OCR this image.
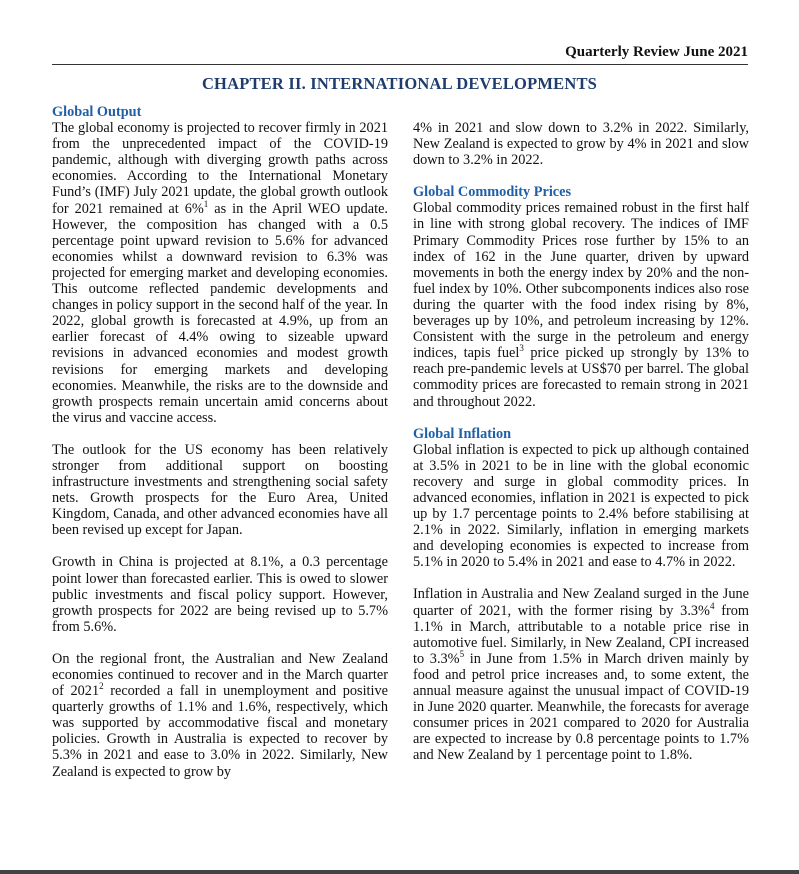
Quarterly Review June 2021
CHAPTER II. INTERNATIONAL DEVELOPMENTS
Global Output

The global economy is projected to recover firmly in 2021 from the unprecedented impact of the COVID-19 pandemic, although with diverging growth paths across economies. According to the International Monetary Fund’s (IMF) July 2021 update, the global growth outlook for 2021 remained at 6%$^1$ as in the April WEO update. However, the composition has changed with a 0.5 percentage point upward revision to 5.6% for advanced economies whilst a downward revision to 6.3% was projected for emerging market and developing economies. This outcome reflected pandemic developments and changes in policy support in the second half of the year. In 2022, global growth is forecasted at 4.9%, up from an earlier forecast of 4.4% owing to sizeable upward revisions in advanced economies and modest growth revisions for emerging markets and developing economies. Meanwhile, the risks are to the downside and growth prospects remain uncertain amid concerns about the virus and vaccine access.

The outlook for the US economy has been relatively stronger from additional support on boosting infrastructure investments and strengthening social safety nets. Growth prospects for the Euro Area, United Kingdom, Canada, and other advanced economies have all been revised up except for Japan.

Growth in China is projected at 8.1%, a 0.3 percentage point lower than forecasted earlier. This is owed to slower public investments and fiscal policy support. However, growth prospects for 2022 are being revised up to 5.7% from 5.6%.

On the regional front, the Australian and New Zealand economies continued to recover and in the March quarter of 2021$^2$ recorded a fall in unemployment and positive quarterly growths of 1.1% and 1.6%, respectively, which was supported by accommodative fiscal and monetary policies. Growth in Australia is expected to recover by 5.3% in 2021 and ease to 3.0% in 2022. Similarly, New Zealand is expected to grow by

4% in 2021 and slow down to 3.2% in 2022. Similarly, New Zealand is expected to grow by 4% in 2021 and slow down to 3.2% in 2022.

Global Commodity Prices

Global commodity prices remained robust in the first half in line with strong global recovery. The indices of IMF Primary Commodity Prices rose further by 15% to an index of 162 in the June quarter, driven by upward movements in both the energy index by 20% and the non-fuel index by 10%. Other subcomponents indices also rose during the quarter with the food index rising by 8%, beverages up by 10%, and petroleum increasing by 12%. Consistent with the surge in the petroleum and energy indices, tapis fuel$^3$ price picked up strongly by 13% to reach pre-pandemic levels at US$70 per barrel. The global commodity prices are forecasted to remain strong in 2021 and throughout 2022.

Global Inflation

Global inflation is expected to pick up although contained at 3.5% in 2021 to be in line with the global economic recovery and surge in global commodity prices. In advanced economies, inflation in 2021 is expected to pick up by 1.7 percentage points to 2.4% before stabilising at 2.1% in 2022. Similarly, inflation in emerging markets and developing economies is expected to increase from 5.1% in 2020 to 5.4% in 2021 and ease to 4.7% in 2022.

Inflation in Australia and New Zealand surged in the June quarter of 2021, with the former rising by 3.3%$^4$ from 1.1% in March, attributable to a notable price rise in automotive fuel. Similarly, in New Zealand, CPI increased to 3.3%$^5$ in June from 1.5% in March driven mainly by food and petrol price increases and, to some extent, the annual measure against the unusual impact of COVID-19 in June 2020 quarter. Meanwhile, the forecasts for average consumer prices in 2021 compared to 2020 for Australia are expected to increase by 0.8 percentage points to 1.7% and New Zealand by 1 percentage point to 1.8%.
